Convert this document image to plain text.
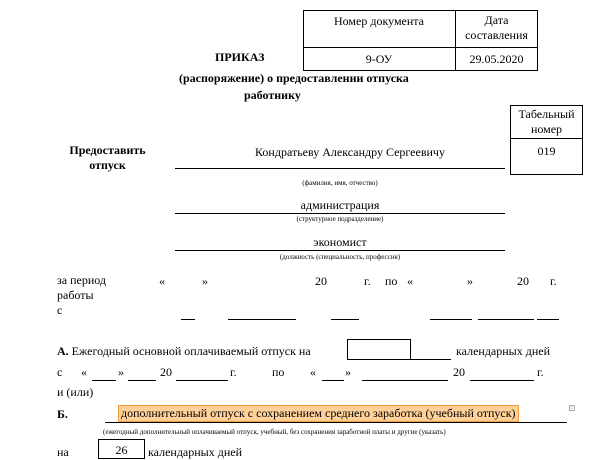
Номер документа	Дата
составления
9-ОУ	29.05.2020
ПРИКАЗ
(распоряжение) о предоставлении отпуска
работнику
Табельный
номер
019
Предоставить
отпуск
Кондратьеву Александру Сергеевичу
(фамилия, имя, отчество)
администрация
(структурное подразделение)
экономист
(должность (специальность, профессия)
за период
работы
с
«	»	20	г. по «	»	20 г.
А. Ежегодный основной оплачиваемый отпуск на	календарных дней
с «	»	20	г.	по « »	20	г.
и (или)
Б.	дополнительный отпуск с сохранением среднего заработка (учебный отпуск)	⊡
(ежегодный дополнительный оплачиваемый отпуск, учебный, без сохранения заработной платы и другие (указать)
на	26	календарных дней
